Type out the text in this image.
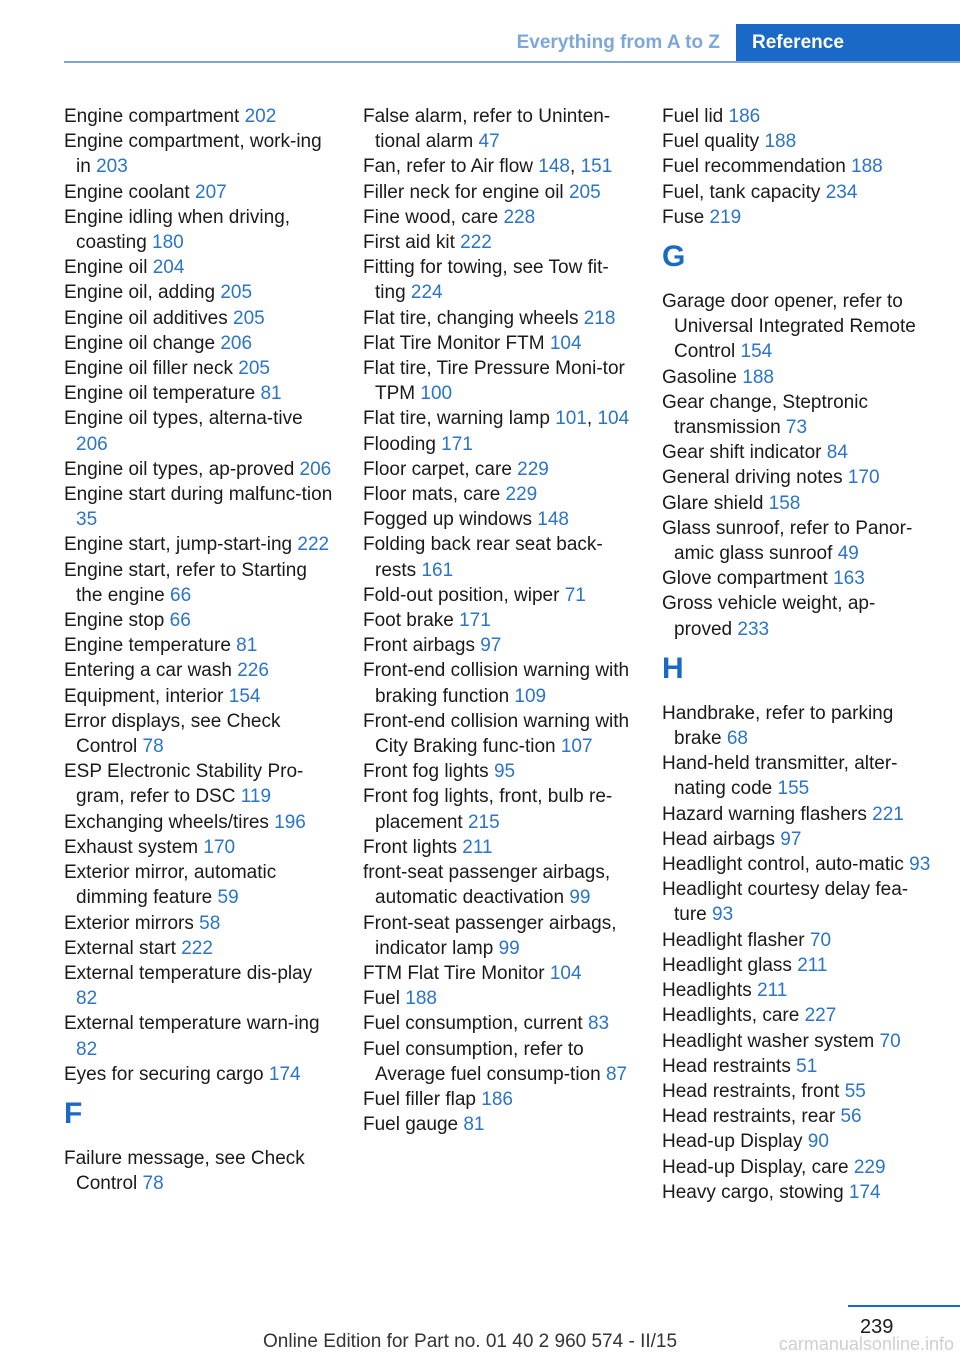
Everything from A to Z	Reference
Engine compartment 202
Engine compartment, work-ing in 203
Engine coolant 207
Engine idling when driving, coasting 180
Engine oil 204
Engine oil, adding 205
Engine oil additives 205
Engine oil change 206
Engine oil filler neck 205
Engine oil temperature 81
Engine oil types, alterna-tive 206
Engine oil types, ap-proved 206
Engine start during malfunc-tion 35
Engine start, jump-start-ing 222
Engine start, refer to Starting the engine 66
Engine stop 66
Engine temperature 81
Entering a car wash 226
Equipment, interior 154
Error displays, see Check Control 78
ESP Electronic Stability Pro-gram, refer to DSC 119
Exchanging wheels/tires 196
Exhaust system 170
Exterior mirror, automatic dimming feature 59
Exterior mirrors 58
External start 222
External temperature dis-play 82
External temperature warn-ing 82
Eyes for securing cargo 174
F
Failure message, see Check Control 78
False alarm, refer to Uninten-tional alarm 47
Fan, refer to Air flow 148, 151
Filler neck for engine oil 205
Fine wood, care 228
First aid kit 222
Fitting for towing, see Tow fit-ting 224
Flat tire, changing wheels 218
Flat Tire Monitor FTM 104
Flat tire, Tire Pressure Moni-tor TPM 100
Flat tire, warning lamp 101, 104
Flooding 171
Floor carpet, care 229
Floor mats, care 229
Fogged up windows 148
Folding back rear seat back-rests 161
Fold-out position, wiper 71
Foot brake 171
Front airbags 97
Front-end collision warning with braking function 109
Front-end collision warning with City Braking func-tion 107
Front fog lights 95
Front fog lights, front, bulb re-placement 215
Front lights 211
front-seat passenger airbags, automatic deactivation 99
Front-seat passenger airbags, indicator lamp 99
FTM Flat Tire Monitor 104
Fuel 188
Fuel consumption, current 83
Fuel consumption, refer to Average fuel consump-tion 87
Fuel filler flap 186
Fuel gauge 81
Fuel lid 186
Fuel quality 188
Fuel recommendation 188
Fuel, tank capacity 234
Fuse 219
G
Garage door opener, refer to Universal Integrated Remote Control 154
Gasoline 188
Gear change, Steptronic transmission 73
Gear shift indicator 84
General driving notes 170
Glare shield 158
Glass sunroof, refer to Panor-amic glass sunroof 49
Glove compartment 163
Gross vehicle weight, ap-proved 233
H
Handbrake, refer to parking brake 68
Hand-held transmitter, alter-nating code 155
Hazard warning flashers 221
Head airbags 97
Headlight control, auto-matic 93
Headlight courtesy delay fea-ture 93
Headlight flasher 70
Headlight glass 211
Headlights 211
Headlights, care 227
Headlight washer system 70
Head restraints 51
Head restraints, front 55
Head restraints, rear 56
Head-up Display 90
Head-up Display, care 229
Heavy cargo, stowing 174
239
Online Edition for Part no. 01 40 2 960 574 - II/15	carmanualsonline.info
